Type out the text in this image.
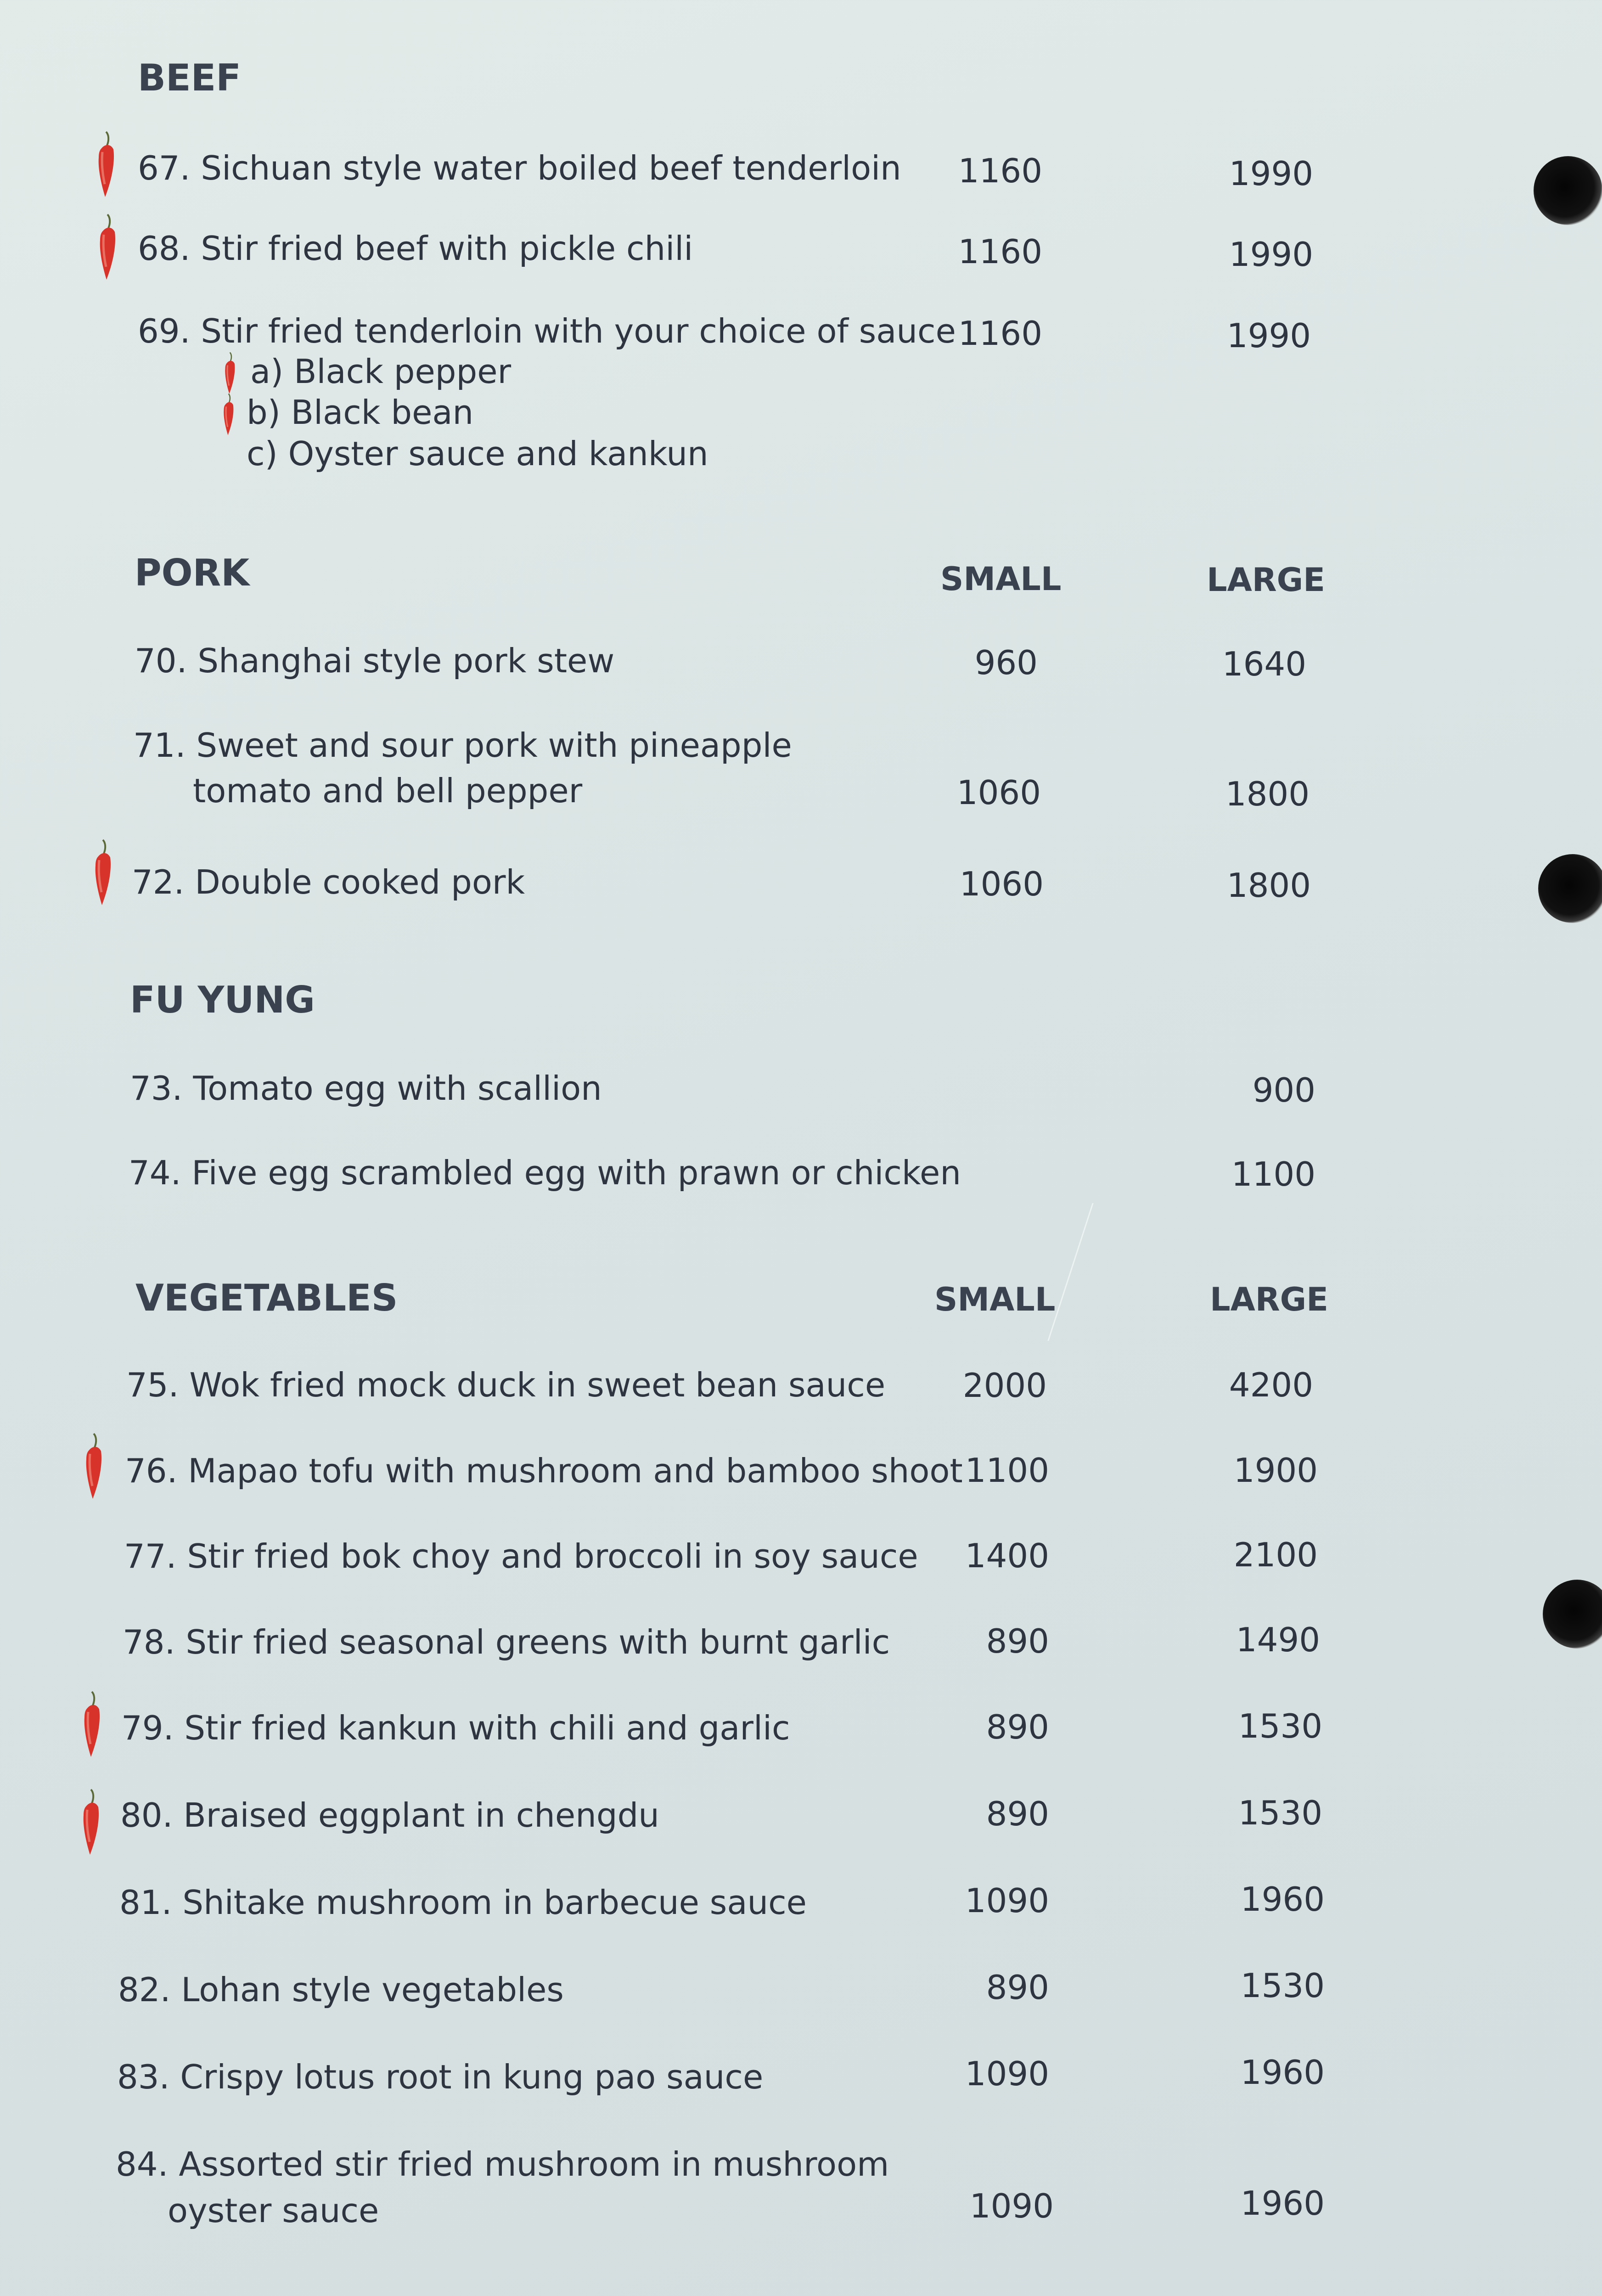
BEEF
67. Sichuan style water boiled beef tenderloin	1160	1990
68. Stir fried beef with pickle chili	1160	1990
69. Stir fried tenderloin with your choice of sauce 1160	1990
a) Black pepper
b) Black bean
c) Oyster sauce and kankun
PORK	SMALL	LARGE
70. Shanghai style pork stew	960	1640
71. Sweet and sour pork with pineapple
tomato and bell pepper	1060	1800
72. Double cooked pork	1060	1800
FU YUNG
73. Tomato egg with scallion	900
74. Five egg scrambled egg with prawn or chicken	1100
VEGETABLES	SMALL	LARGE
75. Wok fried mock duck in sweet bean sauce	2000	4200
76. Mapao tofu with mushroom and bamboo shoot 1100	1900
77. Stir fried bok choy and broccoli in soy sauce	1400	2100
78. Stir fried seasonal greens with burnt garlic	890	1490
79. Stir fried kankun with chili and garlic	890	1530
80. Braised eggplant in chengdu	890	1530
81. Shitake mushroom in barbecue sauce	1090	1960
82. Lohan style vegetables	890	1530
83. Crispy lotus root in kung pao sauce	1090	1960
84. Assorted stir fried mushroom in mushroom
oyster sauce	1090	1960
